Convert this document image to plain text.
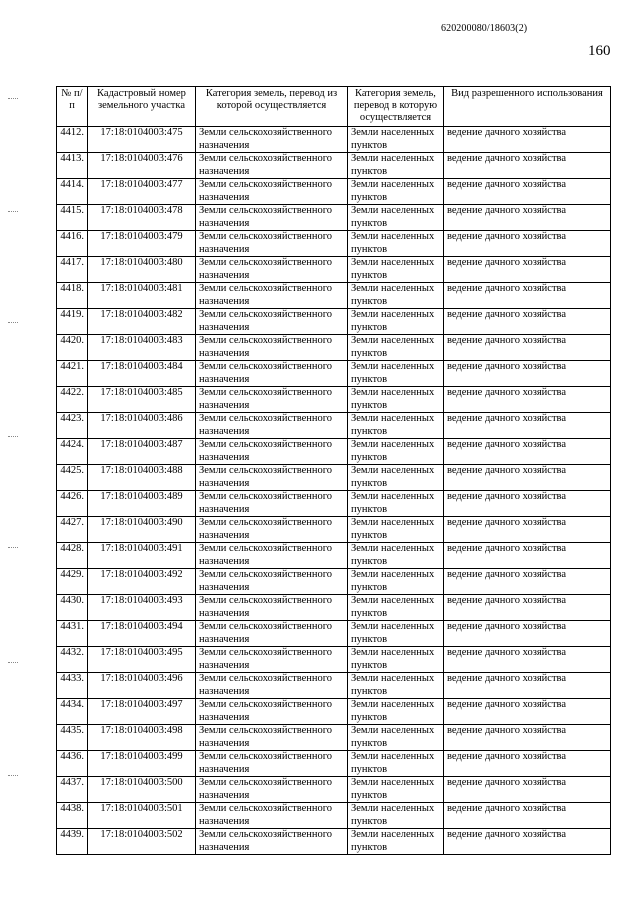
620200080/18603(2)
160
№ п/п	Кадастровый номер земельного участка	Категория земель, перевод из которой осуществляется	Категория земель, перевод в которую осуществляется	Вид разрешенного использования
4412.	17:18:0104003:475	Земли сельскохозяйственного назначения	Земли населенных пунктов	ведение дачного хозяйства
4413.	17:18:0104003:476	Земли сельскохозяйственного назначения	Земли населенных пунктов	ведение дачного хозяйства
4414.	17:18:0104003:477	Земли сельскохозяйственного назначения	Земли населенных пунктов	ведение дачного хозяйства
4415.	17:18:0104003:478	Земли сельскохозяйственного назначения	Земли населенных пунктов	ведение дачного хозяйства
4416.	17:18:0104003:479	Земли сельскохозяйственного назначения	Земли населенных пунктов	ведение дачного хозяйства
4417.	17:18:0104003:480	Земли сельскохозяйственного назначения	Земли населенных пунктов	ведение дачного хозяйства
4418.	17:18:0104003:481	Земли сельскохозяйственного назначения	Земли населенных пунктов	ведение дачного хозяйства
4419.	17:18:0104003:482	Земли сельскохозяйственного назначения	Земли населенных пунктов	ведение дачного хозяйства
4420.	17:18:0104003:483	Земли сельскохозяйственного назначения	Земли населенных пунктов	ведение дачного хозяйства
4421.	17:18:0104003:484	Земли сельскохозяйственного назначения	Земли населенных пунктов	ведение дачного хозяйства
4422.	17:18:0104003:485	Земли сельскохозяйственного назначения	Земли населенных пунктов	ведение дачного хозяйства
4423.	17:18:0104003:486	Земли сельскохозяйственного назначения	Земли населенных пунктов	ведение дачного хозяйства
4424.	17:18:0104003:487	Земли сельскохозяйственного назначения	Земли населенных пунктов	ведение дачного хозяйства
4425.	17:18:0104003:488	Земли сельскохозяйственного назначения	Земли населенных пунктов	ведение дачного хозяйства
4426.	17:18:0104003:489	Земли сельскохозяйственного назначения	Земли населенных пунктов	ведение дачного хозяйства
4427.	17:18:0104003:490	Земли сельскохозяйственного назначения	Земли населенных пунктов	ведение дачного хозяйства
4428.	17:18:0104003:491	Земли сельскохозяйственного назначения	Земли населенных пунктов	ведение дачного хозяйства
4429.	17:18:0104003:492	Земли сельскохозяйственного назначения	Земли населенных пунктов	ведение дачного хозяйства
4430.	17:18:0104003:493	Земли сельскохозяйственного назначения	Земли населенных пунктов	ведение дачного хозяйства
4431.	17:18:0104003:494	Земли сельскохозяйственного назначения	Земли населенных пунктов	ведение дачного хозяйства
4432.	17:18:0104003:495	Земли сельскохозяйственного назначения	Земли населенных пунктов	ведение дачного хозяйства
4433.	17:18:0104003:496	Земли сельскохозяйственного назначения	Земли населенных пунктов	ведение дачного хозяйства
4434.	17:18:0104003:497	Земли сельскохозяйственного назначения	Земли населенных пунктов	ведение дачного хозяйства
4435.	17:18:0104003:498	Земли сельскохозяйственного назначения	Земли населенных пунктов	ведение дачного хозяйства
4436.	17:18:0104003:499	Земли сельскохозяйственного назначения	Земли населенных пунктов	ведение дачного хозяйства
4437.	17:18:0104003:500	Земли сельскохозяйственного назначения	Земли населенных пунктов	ведение дачного хозяйства
4438.	17:18:0104003:501	Земли сельскохозяйственного назначения	Земли населенных пунктов	ведение дачного хозяйства
4439.	17:18:0104003:502	Земли сельскохозяйственного назначения	Земли населенных пунктов	ведение дачного хозяйства
